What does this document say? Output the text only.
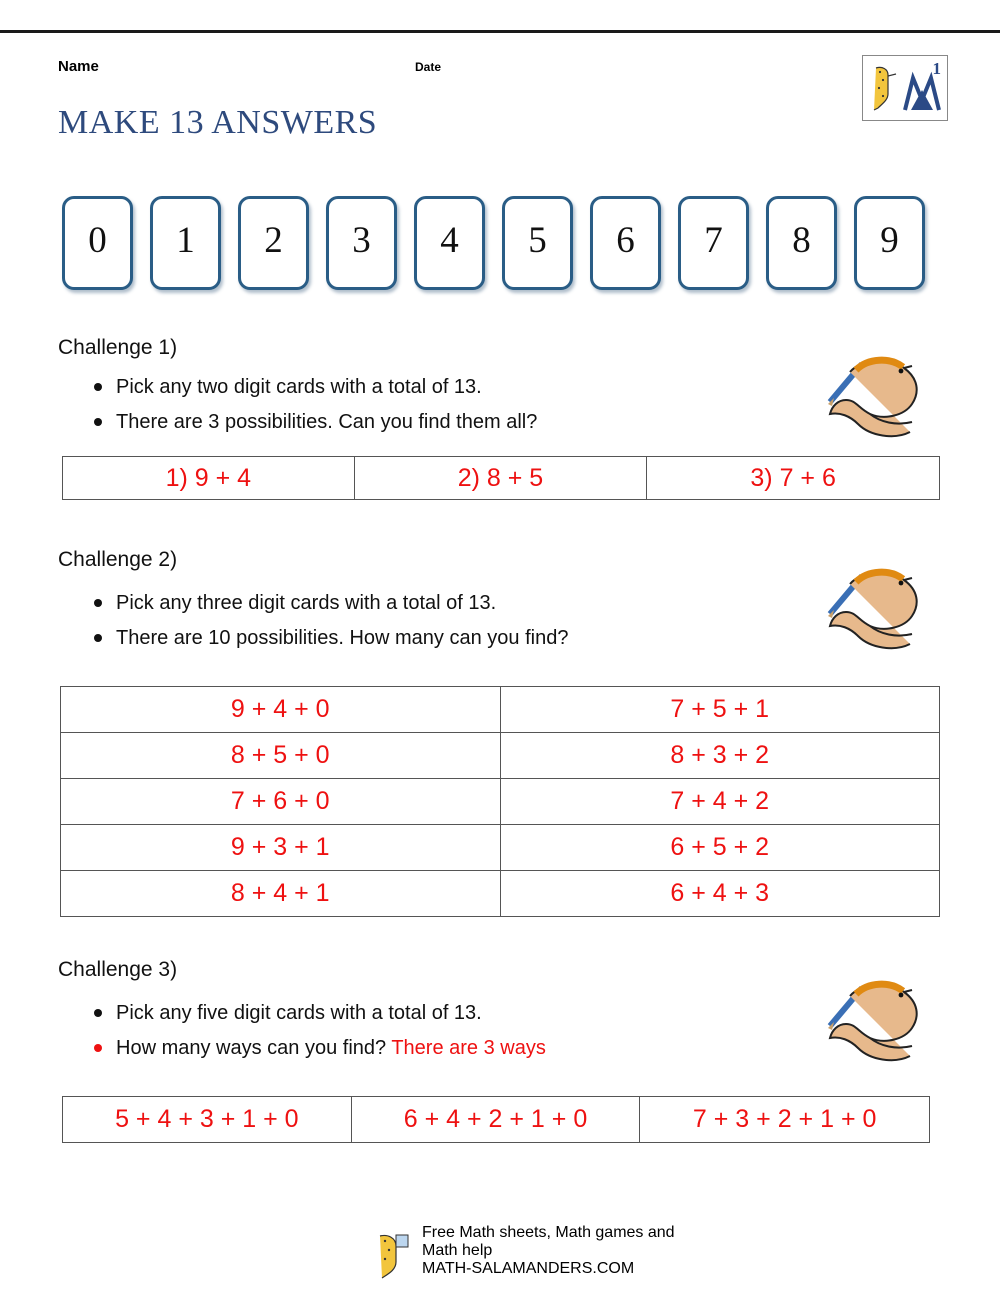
Name	Date
MAKE 13 ANSWERS
1
0	1	2	3	4	5	6	7	8	9
Challenge 1)
Pick any two digit cards with a total of 13.
There are 3 possibilities. Can you find them all?
1) 9 + 4	2) 8 + 5	3) 7 + 6
Challenge 2)
Pick any three digit cards with a total of 13.
There are 10 possibilities. How many can you find?
9 + 4 + 0	7 + 5 + 1
8 + 5 + 0	8 + 3 + 2
7 + 6 + 0	7 + 4 + 2
9 + 3 + 1	6 + 5 + 2
8 + 4 + 1	6 + 4 + 3
Challenge 3)
Pick any five digit cards with a total of 13.
How many ways can you find? There are 3 ways
5 + 4 + 3 + 1 + 0	6 + 4 + 2 + 1 + 0	7 + 3 + 2 + 1 + 0
Free Math sheets, Math games and Math help
MATH-SALAMANDERS.COM
